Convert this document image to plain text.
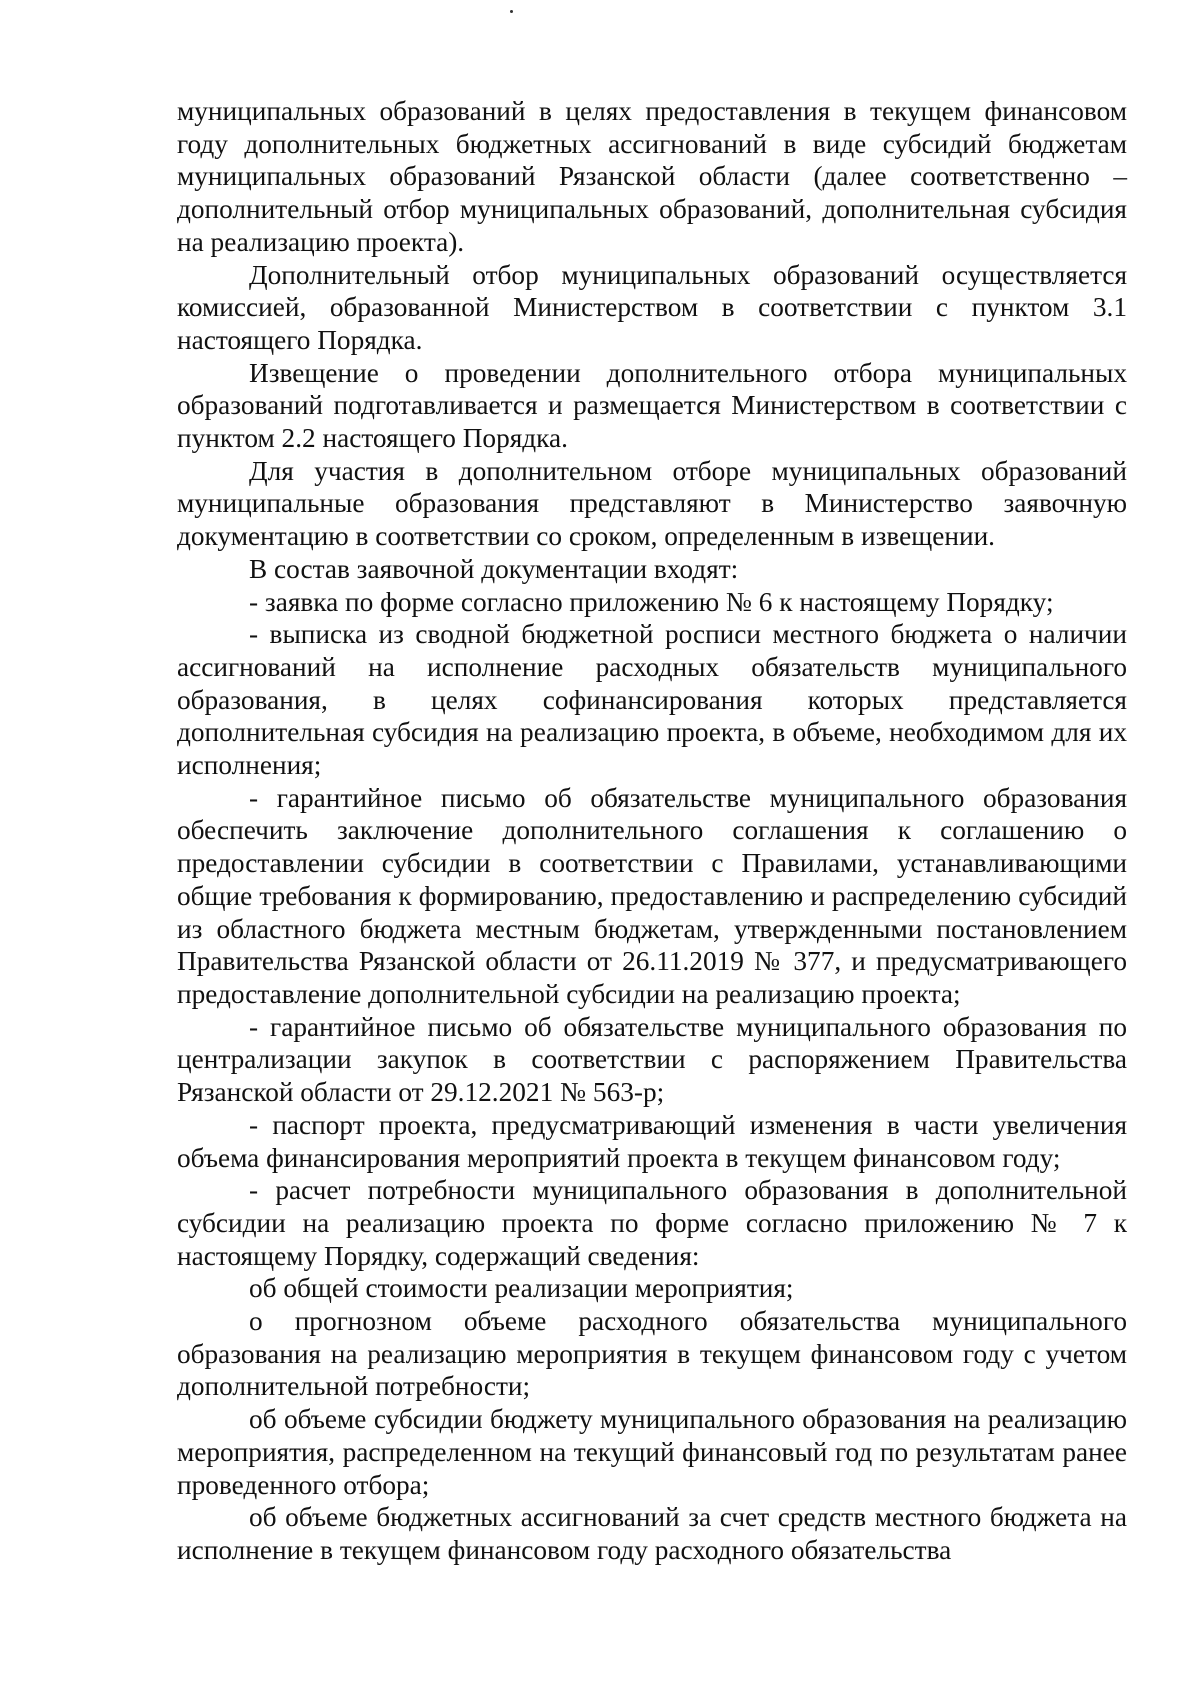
муниципальных образований в целях предоставления в текущем финансовом году дополнительных бюджетных ассигнований в виде субсидий бюджетам муниципальных образований Рязанской области (далее соответственно – дополнительный отбор муниципальных образований, дополнительная субсидия на реализацию проекта).

Дополнительный отбор муниципальных образований осуществляется комиссией, образованной Министерством в соответствии с пунктом 3.1 настоящего Порядка.

Извещение о проведении дополнительного отбора муниципальных образований подготавливается и размещается Министерством в соответствии с пунктом 2.2 настоящего Порядка.

Для участия в дополнительном отборе муниципальных образований муниципальные образования представляют в Министерство заявочную документацию в соответствии со сроком, определенным в извещении.

В состав заявочной документации входят:

- заявка по форме согласно приложению № 6 к настоящему Порядку;

- выписка из сводной бюджетной росписи местного бюджета о наличии ассигнований на исполнение расходных обязательств муниципального образования, в целях софинансирования которых представляется дополнительная субсидия на реализацию проекта, в объеме, необходимом для их исполнения;

- гарантийное письмо об обязательстве муниципального образования обеспечить заключение дополнительного соглашения к соглашению о предоставлении субсидии в соответствии с Правилами, устанавливающими общие требования к формированию, предоставлению и распределению субсидий из областного бюджета местным бюджетам, утвержденными постановлением Правительства Рязанской области от 26.11.2019 № 377, и предусматривающего предоставление дополнительной субсидии на реализацию проекта;

- гарантийное письмо об обязательстве муниципального образования по централизации закупок в соответствии с распоряжением Правительства Рязанской области от 29.12.2021 № 563-р;

- паспорт проекта, предусматривающий изменения в части увеличения объема финансирования мероприятий проекта в текущем финансовом году;

- расчет потребности муниципального образования в дополнительной субсидии на реализацию проекта по форме согласно приложению № 7 к настоящему Порядку, содержащий сведения:

об общей стоимости реализации мероприятия;

о прогнозном объеме расходного обязательства муниципального образования на реализацию мероприятия в текущем финансовом году с учетом дополнительной потребности;

об объеме субсидии бюджету муниципального образования на реализацию мероприятия, распределенном на текущий финансовый год по результатам ранее проведенного отбора;

об объеме бюджетных ассигнований за счет средств местного бюджета на исполнение в текущем финансовом году расходного обязательства
